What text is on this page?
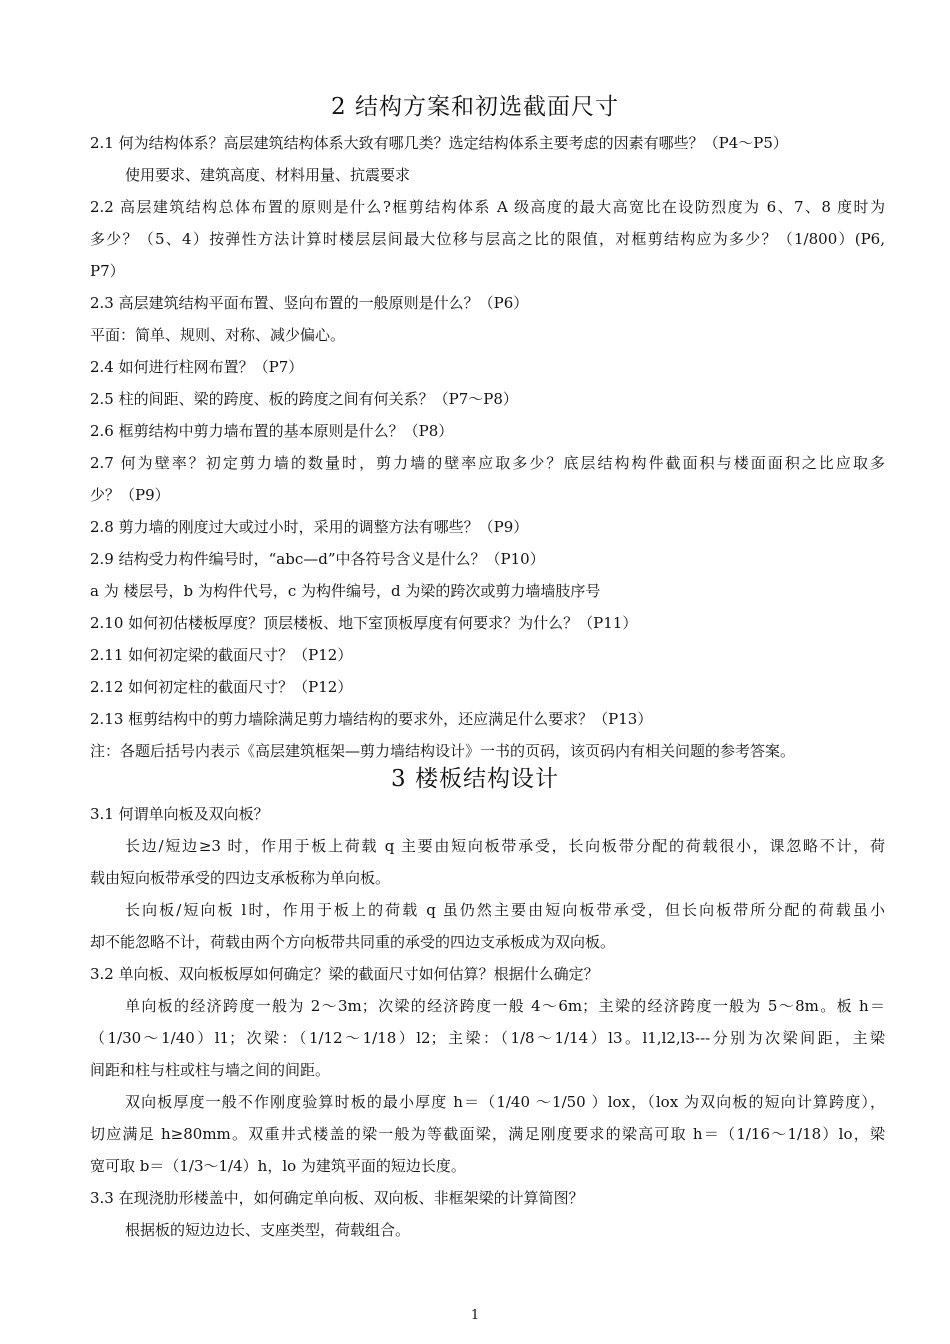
2 结构方案和初选截面尺寸
2.1 何为结构体系？高层建筑结构体系大致有哪几类？选定结构体系主要考虑的因素有哪些？（P4～P5）
使用要求、建筑高度、材料用量、抗震要求
2.2 高层建筑结构总体布置的原则是什么?框剪结构体系 A 级高度的最大高宽比在设防烈度为 6、7、8 度时为
多少？（5、4）按弹性方法计算时楼层层间最大位移与层高之比的限值，对框剪结构应为多少？（1/800）(P6,
P7）
2.3 高层建筑结构平面布置、竖向布置的一般原则是什么？（P6）
平面：简单、规则、对称、减少偏心。
2.4 如何进行柱网布置？（P7）
2.5 柱的间距、梁的跨度、板的跨度之间有何关系？（P7～P8）
2.6 框剪结构中剪力墙布置的基本原则是什么？（P8）
2.7 何为壁率？初定剪力墙的数量时，剪力墙的壁率应取多少？底层结构构件截面积与楼面面积之比应取多
少？（P9）
2.8 剪力墙的刚度过大或过小时，采用的调整方法有哪些？（P9）
2.9 结构受力构件编号时，“abc—d”中各符号含义是什么？（P10）
a 为 楼层号，b 为构件代号，c 为构件编号，d 为梁的跨次或剪力墙墙肢序号
2.10 如何初估楼板厚度？顶层楼板、地下室顶板厚度有何要求？为什么？（P11）
2.11 如何初定梁的截面尺寸？（P12）
2.12 如何初定柱的截面尺寸？（P12）
2.13 框剪结构中的剪力墙除满足剪力墙结构的要求外，还应满足什么要求？（P13）
注：各题后括号内表示《高层建筑框架—剪力墙结构设计》一书的页码，该页码内有相关问题的参考答案。
3 楼板结构设计
3.1 何谓单向板及双向板？
长边/短边≥3 时，作用于板上荷载 q 主要由短向板带承受，长向板带分配的荷载很小，课忽略不计，荷
载由短向板带承受的四边支承板称为单向板。
长向板/短向板 l时，作用于板上的荷载 q 虽仍然主要由短向板带承受，但长向板带所分配的荷载虽小
却不能忽略不计，荷载由两个方向板带共同重的承受的四边支承板成为双向板。
3.2 单向板、双向板板厚如何确定？梁的截面尺寸如何估算？根据什么确定？
单向板的经济跨度一般为 2～3m；次梁的经济跨度一般 4～6m；主梁的经济跨度一般为 5～8m。板 h＝
（1/30～1/40）l1；次梁：（1/12～1/18）l2；主梁：（1/8～1/14）l3。l1,l2,l3---分别为次梁间距，主梁
间距和柱与柱或柱与墙之间的间距。
双向板厚度一般不作刚度验算时板的最小厚度 h＝（1/40 ～1/50 ）lox，（lox 为双向板的短向计算跨度），
切应满足 h≥80mm。双重井式楼盖的梁一般为等截面梁，满足刚度要求的梁高可取 h＝（1/16～1/18）lo，梁
宽可取 b＝（1/3～1/4）h，lo 为建筑平面的短边长度。
3.3 在现浇肋形楼盖中，如何确定单向板、双向板、非框架梁的计算简图？
根据板的短边边长、支座类型，荷载组合。
1
